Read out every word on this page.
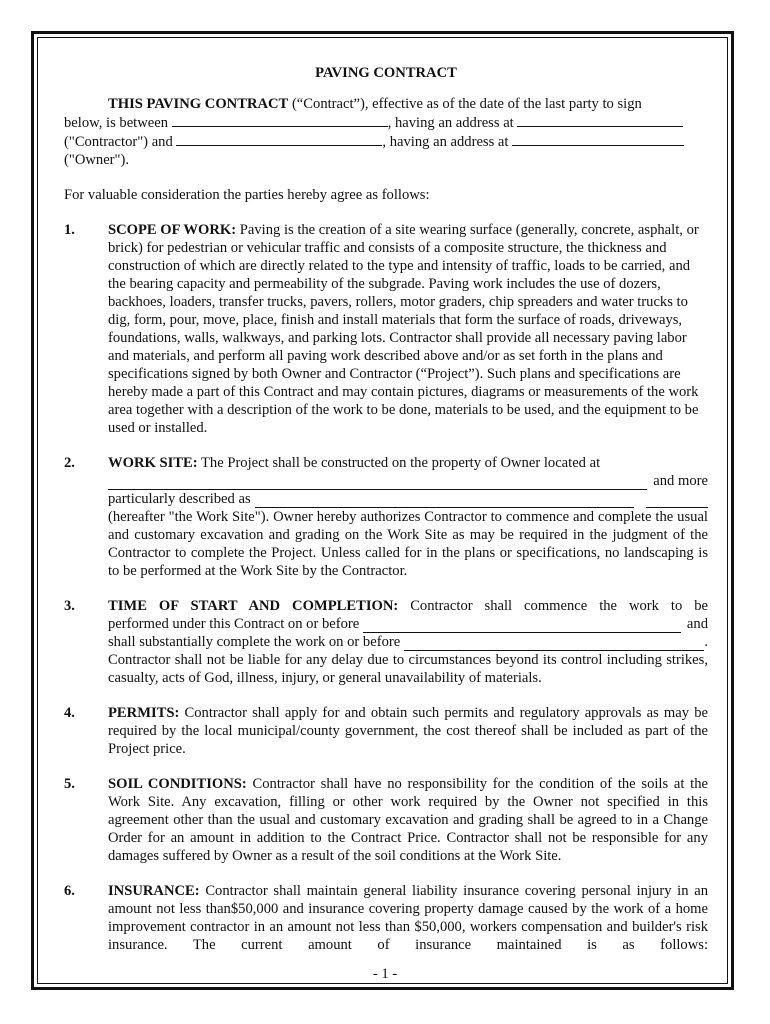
PAVING CONTRACT

THIS PAVING CONTRACT (“Contract”), effective as of the date of the last party to sign

below, is between	, having an address at

("Contractor") and	, having an address at

("Owner").

For valuable consideration the parties hereby agree as follows:

1. SCOPE OF WORK: Paving is the creation of a site wearing surface (generally, concrete, asphalt, or brick) for pedestrian or vehicular traffic and consists of a composite structure, the thickness and construction of which are directly related to the type and intensity of traffic, loads to be carried, and the bearing capacity and permeability of the subgrade. Paving work includes the use of dozers, backhoes, loaders, transfer trucks, pavers, rollers, motor graders, chip spreaders and water trucks to dig, form, pour, move, place, finish and install materials that form the surface of roads, driveways, foundations, walls, walkways, and parking lots. Contractor shall provide all necessary paving labor and materials, and perform all paving work described above and/or as set forth in the plans and specifications signed by both Owner and Contractor (“Project”). Such plans and specifications are hereby made a part of this Contract and may contain pictures, diagrams or measurements of the work area together with a description of the work to be done, materials to be used, and the equipment to be used or installed.

2. WORK SITE: The Project shall be constructed on the property of Owner located at

and more
particularly described as

(hereafter "the Work Site"). Owner hereby authorizes Contractor to commence and complete the usual and customary excavation and grading on the Work Site as may be required in the judgment of the Contractor to complete the Project. Unless called for in the plans or specifications, no landscaping is to be performed at the Work Site by the Contractor.

3. TIME OF START AND COMPLETION: Contractor shall commence the work to be

performed under this Contract on or before	and
shall substantially complete the work on or before	.

Contractor shall not be liable for any delay due to circumstances beyond its control including strikes, casualty, acts of God, illness, injury, or general unavailability of materials.

4. PERMITS: Contractor shall apply for and obtain such permits and regulatory approvals as may be required by the local municipal/county government, the cost thereof shall be included as part of the Project price.

5. SOIL CONDITIONS: Contractor shall have no responsibility for the condition of the soils at the Work Site. Any excavation, filling or other work required by the Owner not specified in this agreement other than the usual and customary excavation and grading shall be agreed to in a Change Order for an amount in addition to the Contract Price. Contractor shall not be responsible for any damages suffered by Owner as a result of the soil conditions at the Work Site.

6. INSURANCE: Contractor shall maintain general liability insurance covering personal injury in an amount not less than$50,000 and insurance covering property damage caused by the work of a home improvement contractor in an amount not less than $50,000, workers compensation and builder's risk insurance. The current amount of insurance maintained is as follows:

- 1 -
